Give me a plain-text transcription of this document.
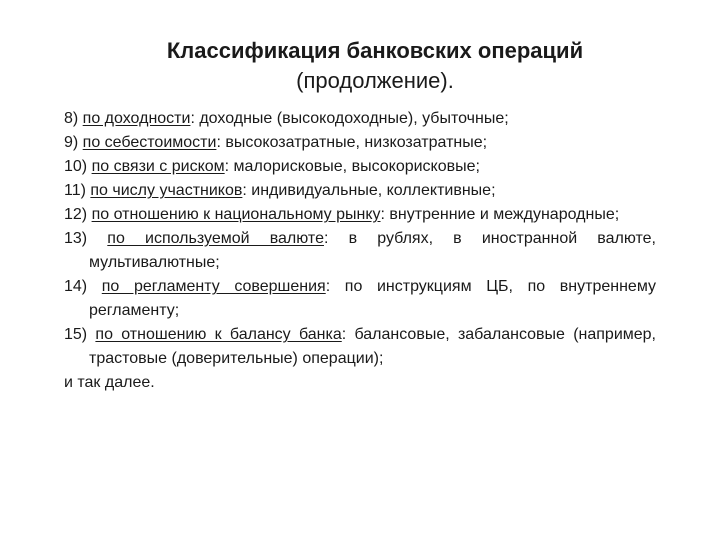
Классификация банковских операций
(продолжение).

8) по доходности: доходные (высокодоходные), убыточные;

9) по себестоимости: высокозатратные, низкозатратные;

10) по связи с риском: малорисковые, высокорисковые;

11) по числу участников: индивидуальные, коллективные;

12) по отношению к национальному рынку: внутренние и международные;

13) по используемой валюте: в рублях, в иностранной валюте, мультивалютные;

14) по регламенту совершения: по инструкциям ЦБ, по внутреннему регламенту;

15) по отношению к балансу банка: балансовые, забалансовые (например, трастовые (доверительные) операции);

и так далее.
